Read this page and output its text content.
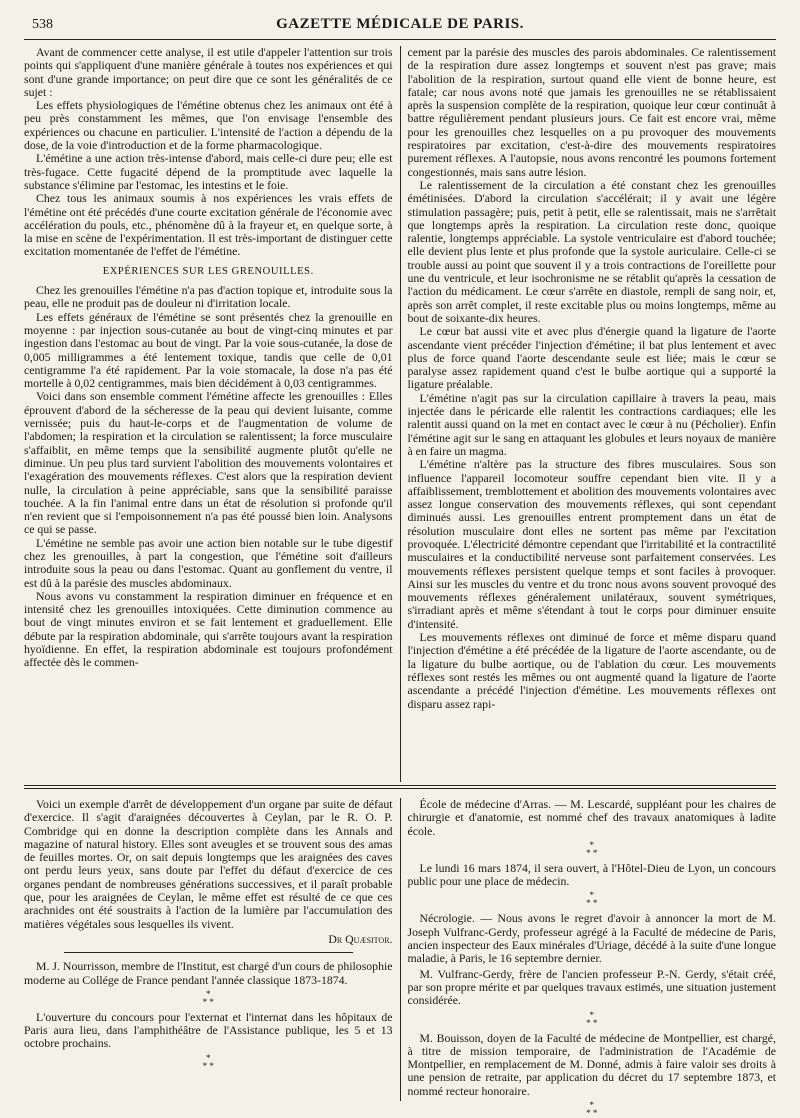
538	GAZETTE MÉDICALE DE PARIS.

Avant de commencer cette analyse, il est utile d'appeler l'attention sur trois points qui s'appliquent d'une manière générale à toutes nos expériences et qui sont d'une grande importance; on peut dire que ce sont les généralités de ce sujet :

Les effets physiologiques de l'émétine obtenus chez les animaux ont été à peu près constamment les mêmes, que l'on envisage l'ensemble des expériences ou chacune en particulier. L'intensité de l'action a dépendu de la dose, de la voie d'introduction et de la forme pharmacologique.

L'émétine a une action très-intense d'abord, mais celle-ci dure peu; elle est très-fugace. Cette fugacité dépend de la promptitude avec laquelle la substance s'élimine par l'estomac, les intestins et le foie.

Chez tous les animaux soumis à nos expériences les vrais effets de l'émétine ont été précédés d'une courte excitation générale de l'économie avec accélération du pouls, etc., phénomène dû à la frayeur et, en quelque sorte, à la mise en scène de l'expérimentation. Il est très-important de distinguer cette excitation momentanée de l'effet de l'émétine.

EXPÉRIENCES SUR LES GRENOUILLES.

Chez les grenouilles l'émétine n'a pas d'action topique et, introduite sous la peau, elle ne produit pas de douleur ni d'irritation locale.

Les effets généraux de l'émétine se sont présentés chez la grenouille en moyenne : par injection sous-cutanée au bout de vingt-cinq minutes et par ingestion dans l'estomac au bout de vingt. Par la voie sous-cutanée, la dose de 0,005 milligrammes a été lentement toxique, tandis que celle de 0,01 centigramme l'a été rapidement. Par la voie stomacale, la dose n'a pas été mortelle à 0,02 centigrammes, mais bien décidément à 0,03 centigrammes.

Voici dans son ensemble comment l'émétine affecte les grenouilles : Elles éprouvent d'abord de la sécheresse de la peau qui devient luisante, comme vernissée; puis du haut-le-corps et de l'augmentation de volume de l'abdomen; la respiration et la circulation se ralentissent; la force musculaire s'affaiblit, en même temps que la sensibilité augmente plutôt qu'elle ne diminue. Un peu plus tard survient l'abolition des mouvements volontaires et l'exagération des mouvements réflexes. C'est alors que la respiration devient nulle, la circulation à peine appréciable, sans que la sensibilité paraisse touchée. A la fin l'animal entre dans un état de résolution si profonde qu'il n'en revient que si l'empoisonnement n'a pas été poussé bien loin. Analysons ce qui se passe.

L'émétine ne semble pas avoir une action bien notable sur le tube digestif chez les grenouilles, à part la congestion, que l'émétine soit d'ailleurs introduite sous la peau ou dans l'estomac. Quant au gonflement du ventre, il est dû à la parésie des muscles abdominaux.

Nous avons vu constamment la respiration diminuer en fréquence et en intensité chez les grenouilles intoxiquées. Cette diminution commence au bout de vingt minutes environ et se fait lentement et graduellement. Elle débute par la respiration abdominale, qui s'arrête toujours avant la respiration hyoïdienne. En effet, la respiration abdominale est toujours profondément affectée dès le commen-

cement par la parésie des muscles des parois abdominales. Ce ralentissement de la respiration dure assez longtemps et souvent n'est pas grave; mais l'abolition de la respiration, surtout quand elle vient de bonne heure, est fatale; car nous avons noté que jamais les grenouilles ne se rétablissaient après la suspension complète de la respiration, quoique leur cœur continuât à battre régulièrement pendant plusieurs jours. Ce fait est encore vrai, même pour les grenouilles chez lesquelles on a pu provoquer des mouvements respiratoires par excitation, c'est-à-dire des mouvements respiratoires purement réflexes. A l'autopsie, nous avons rencontré les poumons fortement congestionnés, mais sans autre lésion.

Le ralentissement de la circulation a été constant chez les grenouilles émétinisées. D'abord la circulation s'accélérait; il y avait une légère stimulation passagère; puis, petit à petit, elle se ralentissait, mais ne s'arrêtait que longtemps après la respiration. La circulation reste donc, quoique ralentie, longtemps appréciable. La systole ventriculaire est d'abord touchée; elle devient plus lente et plus profonde que la systole auriculaire. Celle-ci se trouble aussi au point que souvent il y a trois contractions de l'oreillette pour une du ventricule, et leur isochronisme ne se rétablit qu'après la cessation de l'action du médicament. Le cœur s'arrête en diastole, rempli de sang noir, et, après son arrêt complet, il reste excitable plus ou moins longtemps, même au bout de soixante-dix heures.

Le cœur bat aussi vite et avec plus d'énergie quand la ligature de l'aorte ascendante vient précéder l'injection d'émétine; il bat plus lentement et avec plus de force quand l'aorte descendante seule est liée; mais le cœur se paralyse assez rapidement quand c'est le bulbe aortique qui a supporté la ligature préalable.

L'émétine n'agit pas sur la circulation capillaire à travers la peau, mais injectée dans le péricarde elle ralentit les contractions cardiaques; elle les ralentit aussi quand on la met en contact avec le cœur à nu (Pécholier). Enfin l'émétine agit sur le sang en attaquant les globules et leurs noyaux de manière à en faire un magma.

L'émétine n'altère pas la structure des fibres musculaires. Sous son influence l'appareil locomoteur souffre cependant bien vite. Il y a affaiblissement, tremblottement et abolition des mouvements volontaires avec assez longue conservation des mouvements réflexes, qui sont cependant diminués aussi. Les grenouilles entrent promptement dans un état de résolution musculaire dont elles ne sortent pas même par l'excitation provoquée. L'électricité démontre cependant que l'irritabilité et la contractilité musculaires et la conductibilité nerveuse sont parfaitement conservées. Les mouvements réflexes persistent quelque temps et sont faciles à provoquer. Ainsi sur les muscles du ventre et du tronc nous avons souvent provoqué des mouvements réflexes généralement unilatéraux, souvent symétriques, s'irradiant après et même s'étendant à tout le corps pour diminuer ensuite d'intensité.

Les mouvements réflexes ont diminué de force et même disparu quand l'injection d'émétine a été précédée de la ligature de l'aorte ascendante, ou de la ligature du bulbe aortique, ou de l'ablation du cœur. Les mouvements réflexes sont restés les mêmes ou ont augmenté quand la ligature de l'aorte ascendante a précédé l'injection d'émétine. Les mouvements réflexes ont disparu assez rapi-

Voici un exemple d'arrêt de développement d'un organe par suite de défaut d'exercice. Il s'agit d'araignées découvertes à Ceylan, par le R. O. P. Combridge qui en donne la description complète dans les Annals and magazine of natural history. Elles sont aveugles et se trouvent sous des amas de feuilles mortes. Or, on sait depuis longtemps que les araignées des caves ont perdu leurs yeux, sans doute par l'effet du défaut d'exercice de ces organes pendant de nombreuses générations successives, et il paraît probable que, pour les araignées de Ceylan, le même effet est résulté de ce que ces arachnides ont été soustraits à l'action de la lumière par l'accumulation des matières végétales sous lesquelles ils vivent.

Dr Quæsitor.

M. J. Nourrisson, membre de l'Institut, est chargé d'un cours de philosophie moderne au Collége de France pendant l'année classique 1873-1874.

*
* *

L'ouverture du concours pour l'externat et l'internat dans les hôpitaux de Paris aura lieu, dans l'amphithéâtre de l'Assistance publique, les 5 et 13 octobre prochains.

*
* *

École de médecine d'Arras. — M. Lescardé, suppléant pour les chaires de chirurgie et d'anatomie, est nommé chef des travaux anatomiques à ladite école.

*
* *

Le lundi 16 mars 1874, il sera ouvert, à l'Hôtel-Dieu de Lyon, un concours public pour une place de médecin.

*
* *

Nécrologie. — Nous avons le regret d'avoir à annoncer la mort de M. Joseph Vulfranc-Gerdy, professeur agrégé à la Faculté de médecine de Paris, ancien inspecteur des Eaux minérales d'Uriage, décédé à la suite d'une longue maladie, à Paris, le 16 septembre dernier.

M. Vulfranc-Gerdy, frère de l'ancien professeur P.-N. Gerdy, s'était créé, par son propre mérite et par quelques travaux estimés, une situation justement considérée.

*
* *

M. Bouisson, doyen de la Faculté de médecine de Montpellier, est chargé, à titre de mission temporaire, de l'administration de l'Académie de Montpellier, en remplacement de M. Donné, admis à faire valoir ses droits à une pension de retraite, par application du décret du 17 septembre 1873, et nommé recteur honoraire.

*
* *
